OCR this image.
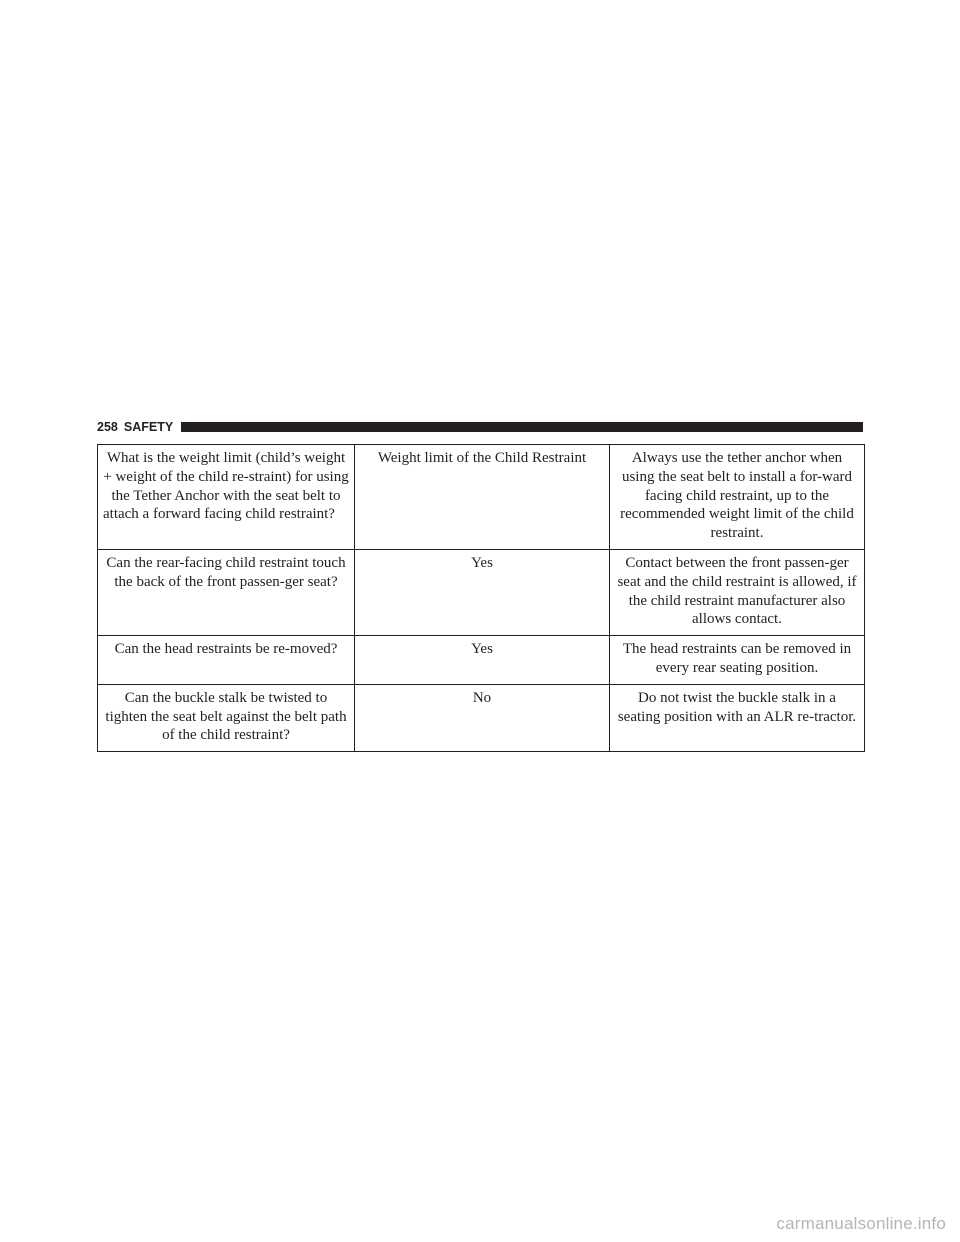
258 SAFETY
What is the weight limit (child’s weight + weight of the child re-straint) for using the Tether Anchor with the seat belt to attach a forward facing child restraint?	Weight limit of the Child Restraint	Always use the tether anchor when using the seat belt to install a for-ward facing child restraint, up to the recommended weight limit of the child restraint.
Can the rear-facing child restraint touch the back of the front passen-ger seat?	Yes	Contact between the front passen-ger seat and the child restraint is allowed, if the child restraint manufacturer also allows contact.
Can the head restraints be re-moved?	Yes	The head restraints can be removed in every rear seating position.
Can the buckle stalk be twisted to tighten the seat belt against the belt path of the child restraint?	No	Do not twist the buckle stalk in a seating position with an ALR re-tractor.
carmanualsonline.info
